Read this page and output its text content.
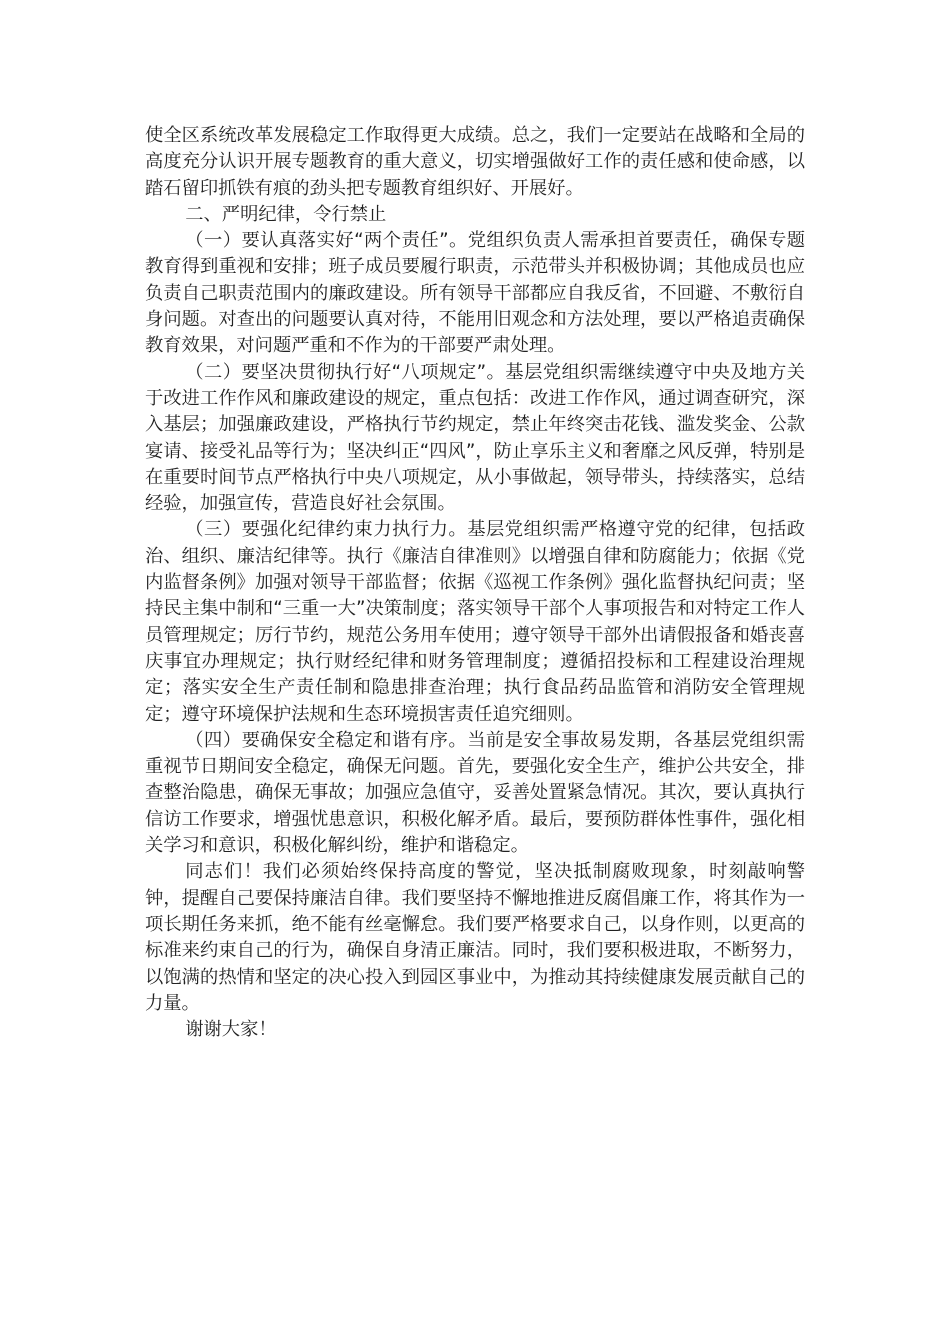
使全区系统改革发展稳定工作取得更大成绩。总之，我们一定要站在战略和全局的高度充分认识开展专题教育的重大意义，切实增强做好工作的责任感和使命感，以踏石留印抓铁有痕的劲头把专题教育组织好、开展好。

二、严明纪律，令行禁止

（一）要认真落实好“两个责任”。党组织负责人需承担首要责任，确保专题教育得到重视和安排；班子成员要履行职责，示范带头并积极协调；其他成员也应负责自己职责范围内的廉政建设。所有领导干部都应自我反省，不回避、不敷衍自身问题。对查出的问题要认真对待，不能用旧观念和方法处理，要以严格追责确保教育效果，对问题严重和不作为的干部要严肃处理。

（二）要坚决贯彻执行好“八项规定”。基层党组织需继续遵守中央及地方关于改进工作作风和廉政建设的规定，重点包括：改进工作作风，通过调查研究，深入基层；加强廉政建设，严格执行节约规定，禁止年终突击花钱、滥发奖金、公款宴请、接受礼品等行为；坚决纠正“四风”，防止享乐主义和奢靡之风反弹，特别是在重要时间节点严格执行中央八项规定，从小事做起，领导带头，持续落实，总结经验，加强宣传，营造良好社会氛围。

（三）要强化纪律约束力执行力。基层党组织需严格遵守党的纪律，包括政治、组织、廉洁纪律等。执行《廉洁自律准则》以增强自律和防腐能力；依据《党内监督条例》加强对领导干部监督；依据《巡视工作条例》强化监督执纪问责；坚持民主集中制和“三重一大”决策制度；落实领导干部个人事项报告和对特定工作人员管理规定；厉行节约，规范公务用车使用；遵守领导干部外出请假报备和婚丧喜庆事宜办理规定；执行财经纪律和财务管理制度；遵循招投标和工程建设治理规定；落实安全生产责任制和隐患排查治理；执行食品药品监管和消防安全管理规定；遵守环境保护法规和生态环境损害责任追究细则。

（四）要确保安全稳定和谐有序。当前是安全事故易发期，各基层党组织需重视节日期间安全稳定，确保无问题。首先，要强化安全生产，维护公共安全，排查整治隐患，确保无事故；加强应急值守，妥善处置紧急情况。其次，要认真执行信访工作要求，增强忧患意识，积极化解矛盾。最后，要预防群体性事件，强化相关学习和意识，积极化解纠纷，维护和谐稳定。

同志们！我们必须始终保持高度的警觉，坚决抵制腐败现象，时刻敲响警钟，提醒自己要保持廉洁自律。我们要坚持不懈地推进反腐倡廉工作，将其作为一项长期任务来抓，绝不能有丝毫懈怠。我们要严格要求自己，以身作则，以更高的标准来约束自己的行为，确保自身清正廉洁。同时，我们要积极进取，不断努力，以饱满的热情和坚定的决心投入到园区事业中，为推动其持续健康发展贡献自己的力量。

谢谢大家！
